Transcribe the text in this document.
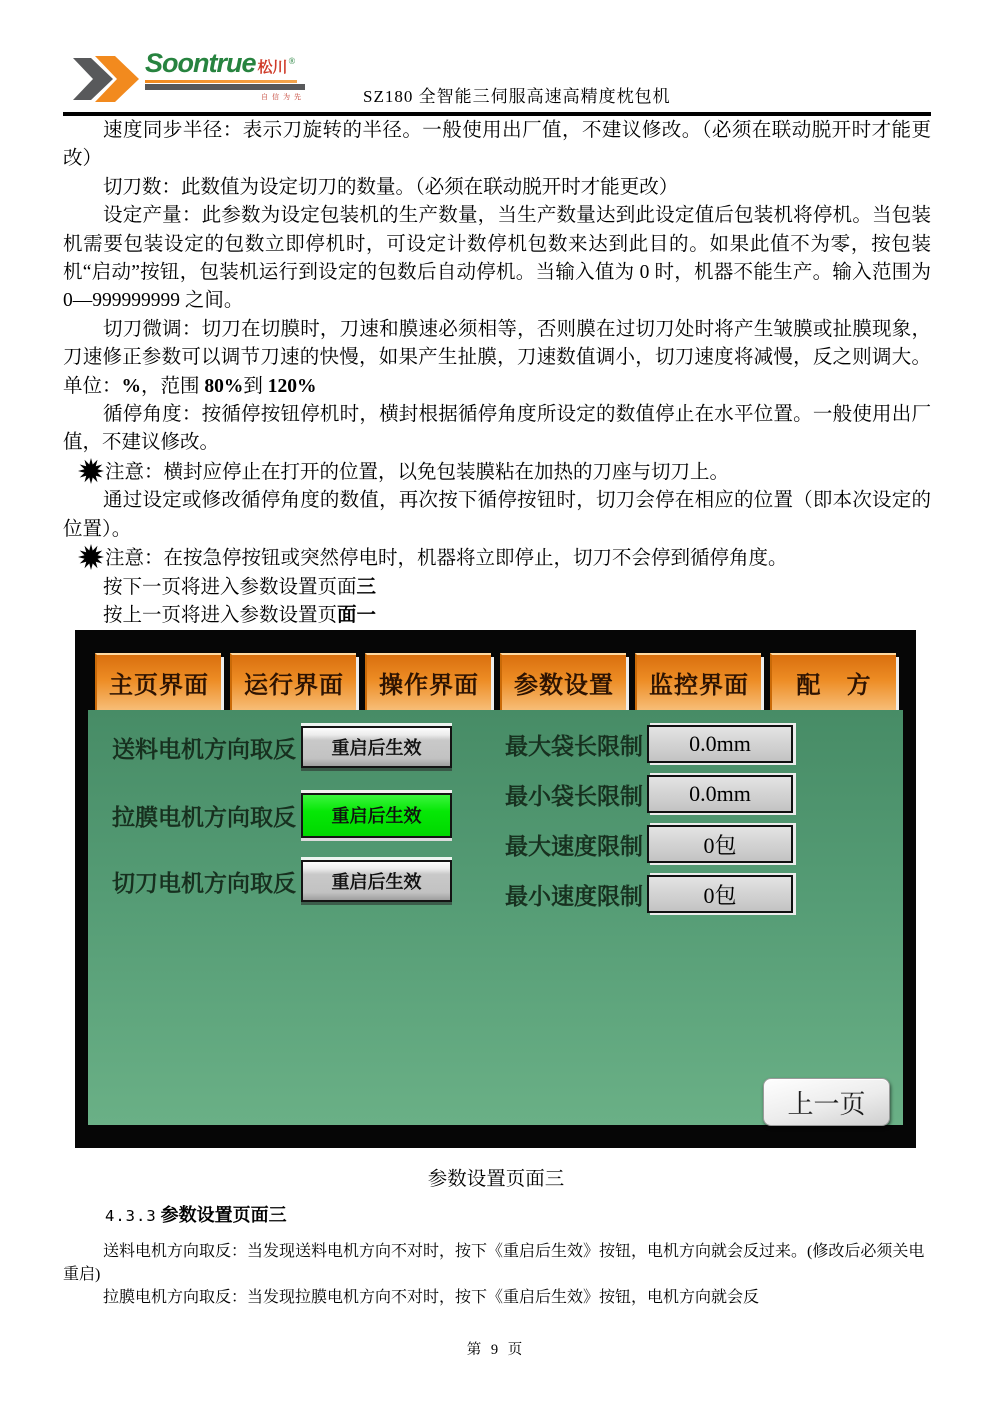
Soontrue 松川 ®
自信为先	SZ180 全智能三伺服高速高精度枕包机
速度同步半径：表示刀旋转的半径。一般使用出厂值，不建议修改。（必须在联动脱开时才能更改）
切刀数：此数值为设定切刀的数量。（必须在联动脱开时才能更改）
设定产量：此参数为设定包装机的生产数量，当生产数量达到此设定值后包装机将停机。当包装机需要包装设定的包数立即停机时，可设定计数停机包数来达到此目的。如果此值不为零，按包装机“启动”按钮，包装机运行到设定的包数后自动停机。当输入值为 0 时，机器不能生产。输入范围为 0—999999999 之间。
切刀微调：切刀在切膜时，刀速和膜速必须相等，否则膜在过切刀处时将产生皱膜或扯膜现象，刀速修正参数可以调节刀速的快慢，如果产生扯膜，刀速数值调小，切刀速度将减慢，反之则调大。单位：%，范围 80%到 120%
循停角度：按循停按钮停机时，横封根据循停角度所设定的数值停止在水平位置。一般使用出厂值，不建议修改。
注意：横封应停止在打开的位置，以免包装膜粘在加热的刀座与切刀上。
通过设定或修改循停角度的数值，再次按下循停按钮时，切刀会停在相应的位置（即本次设定的位置）。
注意：在按急停按钮或突然停电时，机器将立即停止，切刀不会停到循停角度。
按下一页将进入参数设置页面三
按上一页将进入参数设置页面一
主页界面	运行界面	操作界面	参数设置	监控界面	配　方
送料电机方向取反	重启后生效
拉膜电机方向取反	重启后生效
切刀电机方向取反	重启后生效
最大袋长限制	0.0mm
最小袋长限制	0.0mm
最大速度限制	0包
最小速度限制	0包
上一页
参数设置页面三
4.3.3 参数设置页面三
送料电机方向取反：当发现送料电机方向不对时，按下《重启后生效》按钮，电机方向就会反过来。(修改后必须关电重启)
拉膜电机方向取反：当发现拉膜电机方向不对时，按下《重启后生效》按钮，电机方向就会反
第 9 页
